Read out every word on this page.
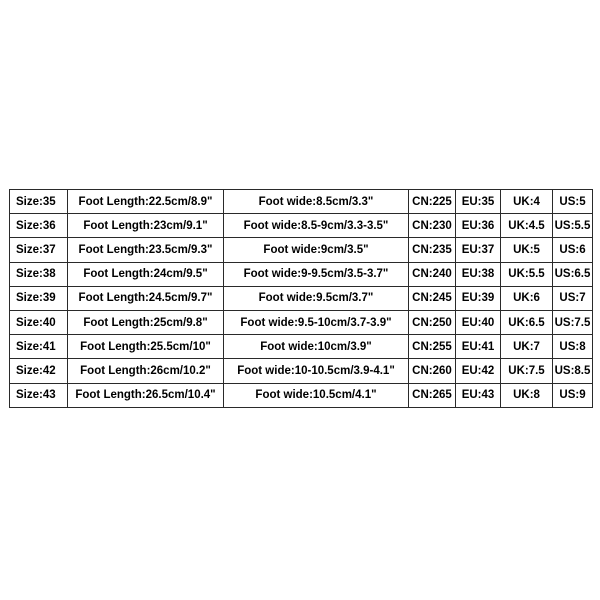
Size:35	Foot Length:22.5cm/8.9"	Foot wide:8.5cm/3.3"	CN:225	EU:35	UK:4	US:5
Size:36	Foot Length:23cm/9.1"	Foot wide:8.5-9cm/3.3-3.5"	CN:230	EU:36	UK:4.5	US:5.5
Size:37	Foot Length:23.5cm/9.3"	Foot wide:9cm/3.5"	CN:235	EU:37	UK:5	US:6
Size:38	Foot Length:24cm/9.5"	Foot wide:9-9.5cm/3.5-3.7"	CN:240	EU:38	UK:5.5	US:6.5
Size:39	Foot Length:24.5cm/9.7"	Foot wide:9.5cm/3.7"	CN:245	EU:39	UK:6	US:7
Size:40	Foot Length:25cm/9.8"	Foot wide:9.5-10cm/3.7-3.9"	CN:250	EU:40	UK:6.5	US:7.5
Size:41	Foot Length:25.5cm/10"	Foot wide:10cm/3.9"	CN:255	EU:41	UK:7	US:8
Size:42	Foot Length:26cm/10.2"	Foot wide:10-10.5cm/3.9-4.1"	CN:260	EU:42	UK:7.5	US:8.5
Size:43	Foot Length:26.5cm/10.4"	Foot wide:10.5cm/4.1"	CN:265	EU:43	UK:8	US:9
